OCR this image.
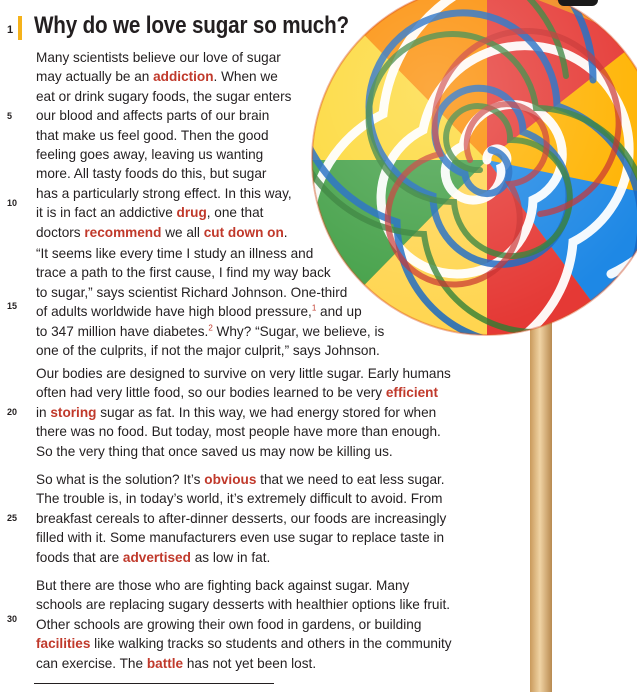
1 Why do we love sugar so much?
Many scientists believe our love of sugar
may actually be an addiction. When we
eat or drink sugary foods, the sugar enters
our blood and affects parts of our brain
that make us feel good. Then the good
feeling goes away, leaving us wanting
more. All tasty foods do this, but sugar
has a particularly strong effect. In this way,
it is in fact an addictive drug, one that
doctors recommend we all cut down on.
“It seems like every time I study an illness and
trace a path to the first cause, I find my way back
to sugar,” says scientist Richard Johnson. One-third
of adults worldwide have high blood pressure,$^1$ and up
to 347 million have diabetes.$^2$ Why? “Sugar, we believe, is
one of the culprits, if not the major culprit,” says Johnson.
Our bodies are designed to survive on very little sugar. Early humans
often had very little food, so our bodies learned to be very efficient
in storing sugar as fat. In this way, we had energy stored for when
there was no food. But today, most people have more than enough.
So the very thing that once saved us may now be killing us.
So what is the solution? It’s obvious that we need to eat less sugar.
The trouble is, in today’s world, it’s extremely difficult to avoid. From
breakfast cereals to after-dinner desserts, our foods are increasingly
filled with it. Some manufacturers even use sugar to replace taste in
foods that are advertised as low in fat.
But there are those who are fighting back against sugar. Many
schools are replacing sugary desserts with healthier options like fruit.
Other schools are growing their own food in gardens, or building
facilities like walking tracks so students and others in the community
can exercise. The battle has not yet been lost.
5
10
15
20
25
30
